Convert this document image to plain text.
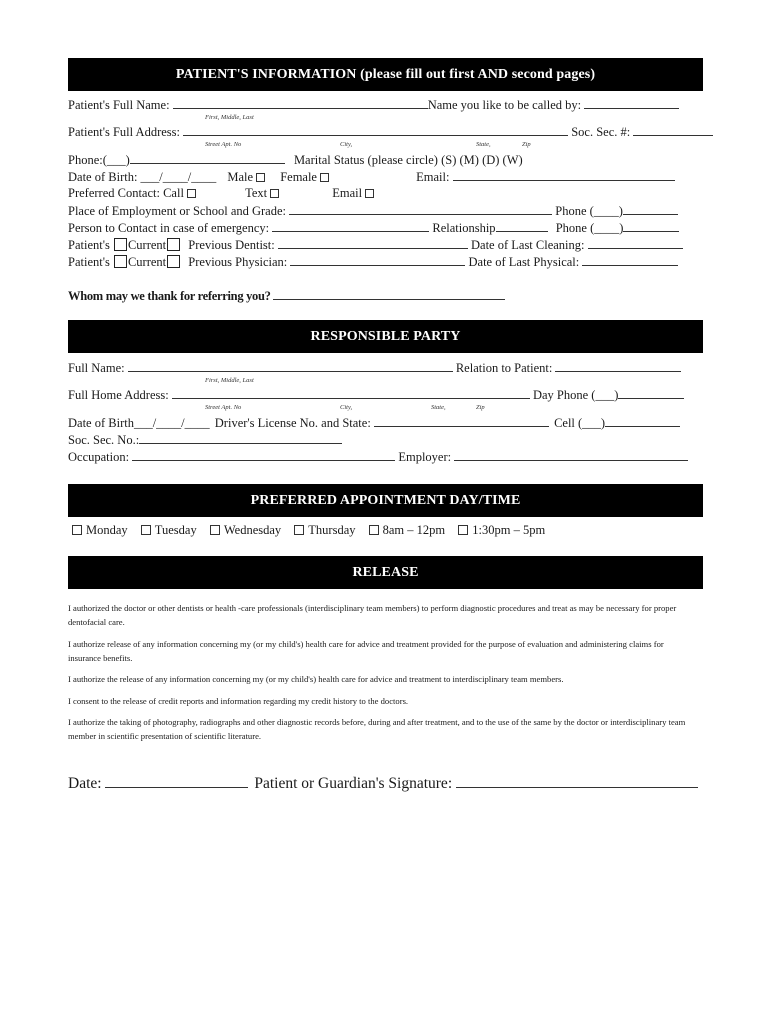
PATIENT'S INFORMATION (please fill out first AND second pages)
Patient's Full Name:	Name you like to be called by:
First, Middle, Last
Patient's Full Address:	Soc. Sec. #:
Street Apt. No	City,	State,	Zip
Phone:(___)	Marital Status (please circle) (S) (M) (D) (W)
Date of Birth: ___/____/____ Male Female	Email:
Preferred Contact: Call	Text	Email
Place of Employment or School and Grade:	Phone (____)
Person to Contact in case of emergency:	Relationship	Phone (____)
Patient's Current Previous Dentist:	Date of Last Cleaning:
Patient's Current Previous Physician:	Date of Last Physical:
Whom may we thank for referring you?
RESPONSIBLE PARTY
Full Name:	Relation to Patient:
First, Middle, Last
Full Home Address:	Day Phone (___)
Street Apt. No	City,	State,	Zip
Date of Birth___/____/____ Driver's License No. and State:	Cell (___)
Soc. Sec. No.:
Occupation:	Employer:
PREFERRED APPOINTMENT DAY/TIME
Monday Tuesday Wednesday Thursday 8am – 12pm 1:30pm – 5pm
RELEASE
I authorized the doctor or other dentists or health -care professionals (interdisciplinary team members) to perform diagnostic procedures and treat as may be necessary for proper dentofacial care.
I authorize release of any information concerning my (or my child's) health care for advice and treatment provided for the purpose of evaluation and administering claims for insurance benefits.
I authorize the release of any information concerning my (or my child's) health care for advice and treatment to interdisciplinary team members.
I consent to the release of credit reports and information regarding my credit history to the doctors.
I authorize the taking of photography, radiographs and other diagnostic records before, during and after treatment, and to the use of the same by the doctor or interdisciplinary team member in scientific presentation of scientific literature.
Date:	Patient or Guardian's Signature:
